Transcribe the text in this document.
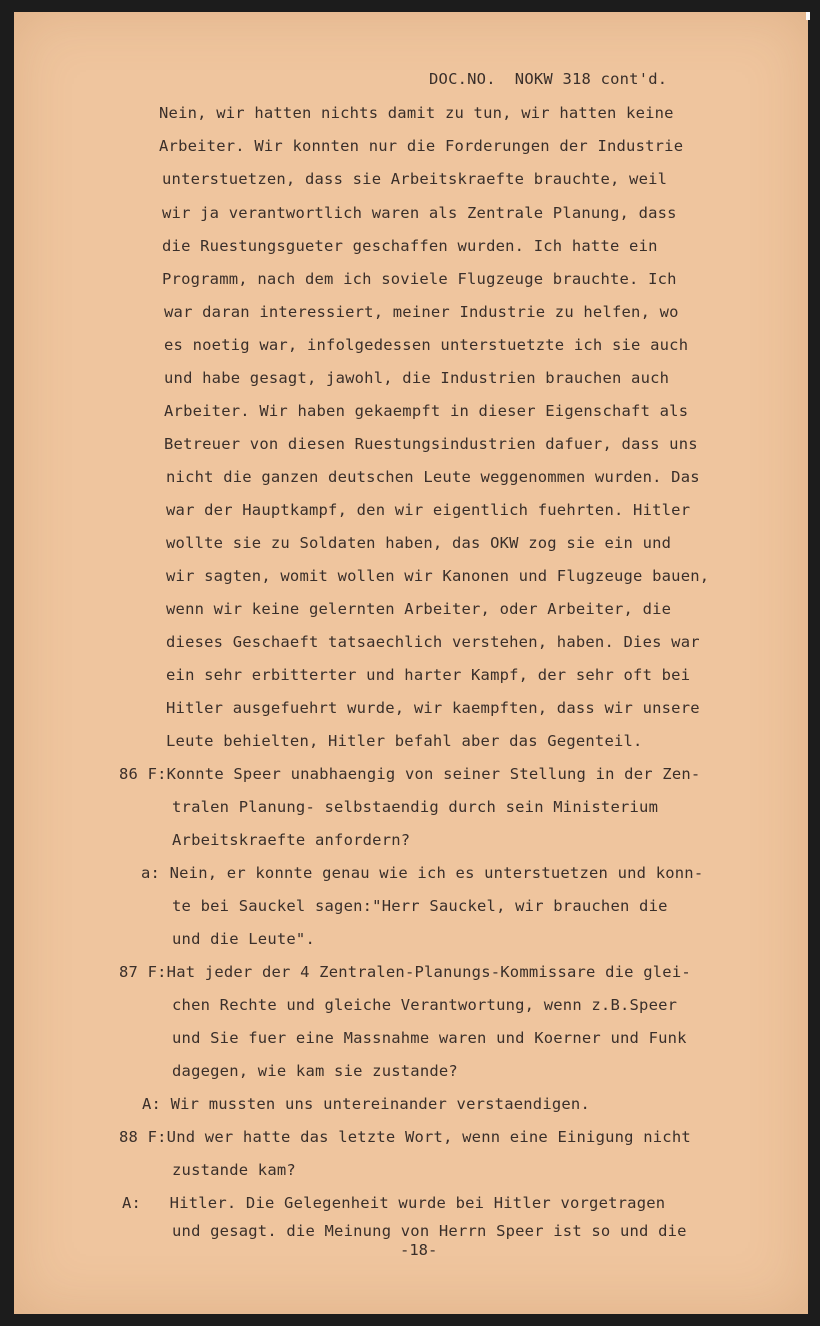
DOC.NO.  NOKW 318 cont'd.
Nein, wir hatten nichts damit zu tun, wir hatten keine
Arbeiter. Wir konnten nur die Forderungen der Industrie
unterstuetzen, dass sie Arbeitskraefte brauchte, weil
wir ja verantwortlich waren als Zentrale Planung, dass
die Ruestungsgueter geschaffen wurden. Ich hatte ein
Programm, nach dem ich soviele Flugzeuge brauchte. Ich
war daran interessiert, meiner Industrie zu helfen, wo
es noetig war, infolgedessen unterstuetzte ich sie auch
und habe gesagt, jawohl, die Industrien brauchen auch
Arbeiter. Wir haben gekaempft in dieser Eigenschaft als
Betreuer von diesen Ruestungsindustrien dafuer, dass uns
nicht die ganzen deutschen Leute weggenommen wurden. Das
war der Hauptkampf, den wir eigentlich fuehrten. Hitler
wollte sie zu Soldaten haben, das OKW zog sie ein und
wir sagten, womit wollen wir Kanonen und Flugzeuge bauen,
wenn wir keine gelernten Arbeiter, oder Arbeiter, die
dieses Geschaeft tatsaechlich verstehen, haben. Dies war
ein sehr erbitterter und harter Kampf, der sehr oft bei
Hitler ausgefuehrt wurde, wir kaempften, dass wir unsere
Leute behielten, Hitler befahl aber das Gegenteil.
86 F:Konnte Speer unabhaengig von seiner Stellung in der Zen-
tralen Planung- selbstaendig durch sein Ministerium
Arbeitskraefte anfordern?
a: Nein, er konnte genau wie ich es unterstuetzen und konn-
te bei Sauckel sagen:"Herr Sauckel, wir brauchen die
und die Leute".
87 F:Hat jeder der 4 Zentralen-Planungs-Kommissare die glei-
chen Rechte und gleiche Verantwortung, wenn z.B.Speer
und Sie fuer eine Massnahme waren und Koerner und Funk
dagegen, wie kam sie zustande?
A: Wir mussten uns untereinander verstaendigen.
88 F:Und wer hatte das letzte Wort, wenn eine Einigung nicht
zustande kam?
A:   Hitler. Die Gelegenheit wurde bei Hitler vorgetragen
und gesagt. die Meinung von Herrn Speer ist so und die
-18-
